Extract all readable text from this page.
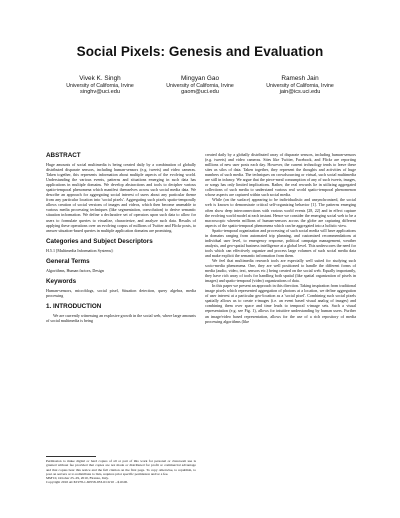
Social Pixels: Genesis and Evaluation
Vivek K. Singh
University of California, Irvine
singhv@uci.edu
Mingyan Gao
University of California, Irvine
gaom@uci.edu
Ramesh Jain
University of California, Irvine
jain@ics.uci.edu
ABSTRACT

Huge amounts of social multimedia is being created daily by a combination of globally distributed disparate sensors, including human-sensors (e.g. tweets) and video cameras. Taken together, this represents information about multiple aspects of the evolving world. Understanding the various events, patterns and situations emerging in such data has applications in multiple domains. We develop abstractions and tools to decipher various spatio-temporal phenomena which manifest themselves across such social media data. We describe an approach for aggregating social interest of users about any particular theme from any particular location into 'social pixels'. Aggregating such pixels spatio-temporally allows creation of social versions of images and videos, which then become amenable to various media processing techniques (like segmentation, convolution) to derive semantic situation information. We define a declarative set of operators upon such data to allow for users to formulate queries to visualize, characterize, and analyze such data. Results of applying these operations over an evolving corpus of millions of Twitter and Flickr posts, to answer situation-based queries in multiple application domains are promising.

Categories and Subject Descriptors

H.5.1 [Multimedia Information Systems]:

General Terms

Algorithms, Human factors, Design

Keywords

Human-sensors, microblogs, social pixel, Situation detection, query algebra, media processing

1. INTRODUCTION

We are currently witnessing an explosive growth in the social web, where large amounts of social multimedia is being

Permission to make digital or hard copies of all or part of this work for personal or classroom use is granted without fee provided that copies are not made or distributed for profit or commercial advantage and that copies bear this notice and the full citation on the first page. To copy otherwise, to republish, to post on servers or to redistribute to lists, requires prior specific permission and/or a fee.
MM'10, October 25–29, 2010, Firenze, Italy.
Copyright 2010 ACM 978-1-60558-933-6/10/10 ...$10.00.

created daily by a globally distributed array of disparate sensors, including human-sensors (e.g. tweets) and video cameras. Sites like Twitter, Facebook, and Flickr are reporting millions of new user posts each day. However, the current technology tends to leave these sites as silos of data. Taken together, they represent the thoughts and activities of huge numbers of such media. The techniques on crowdsourcing or virtual, such social multimedia are still in infancy. We argue that the piece-meal consumption of any of such tweets, images, or songs has only limited implications. Rather, the real rewards lie in utilizing aggregated collections of such media to understand various real world spatio-temporal phenomenon whose aspects are captured within such social media.

While (on the surface) appearing to be individualistic and unsynchronized, the social web is known to demonstrate critical self-organizing behavior [1]. The patterns emerging often show deep interconnections with various world events [28, 22] and in effect capture the evolving world model at each instant. Hence we consider the emerging social web to be a macroscopic wherein millions of human-sensors across the globe are capturing different aspects of the spatio-temporal phenomena which can be aggregated into a holistic view.

Spatio-temporal organization and processing of such social media will have applications in domains ranging from automated trip planning, and customized recommendations at individual user level, to emergency response, political campaign management, weather analysis, and geo-spatial business intelligence at a global level. This underscores the need for tools which can effectively organize and process large volumes of such social media data and make explicit the semantic information from them.

We feel that multimedia research tools are especially well suited for studying such socio-media phenomena. One, they are well positioned to handle the different forms of media (audio, video, text, sensors etc.) being created on the social web. Equally importantly, they have rich array of tools for handling both spatial (like spatial organization of pixels in images) and spatio-temporal (video) organizations of data.

In this paper we present an approach in this direction. Taking inspiration from traditional image pixels which represented aggregation of photons at a location, we define aggregation of user interest at a particular geo-location as a 'social pixel'. Combining such social pixels spatially allows us to create s-images (i.e. an event based visual analog of images) and combining them over space and time leads to temporal s-image sets. Such a visual representation (e.g. see Fig. 1), allows for intuitive understanding by human users. Further an image/video based representation, allows for the use of a rich repository of media processing algorithms (like
